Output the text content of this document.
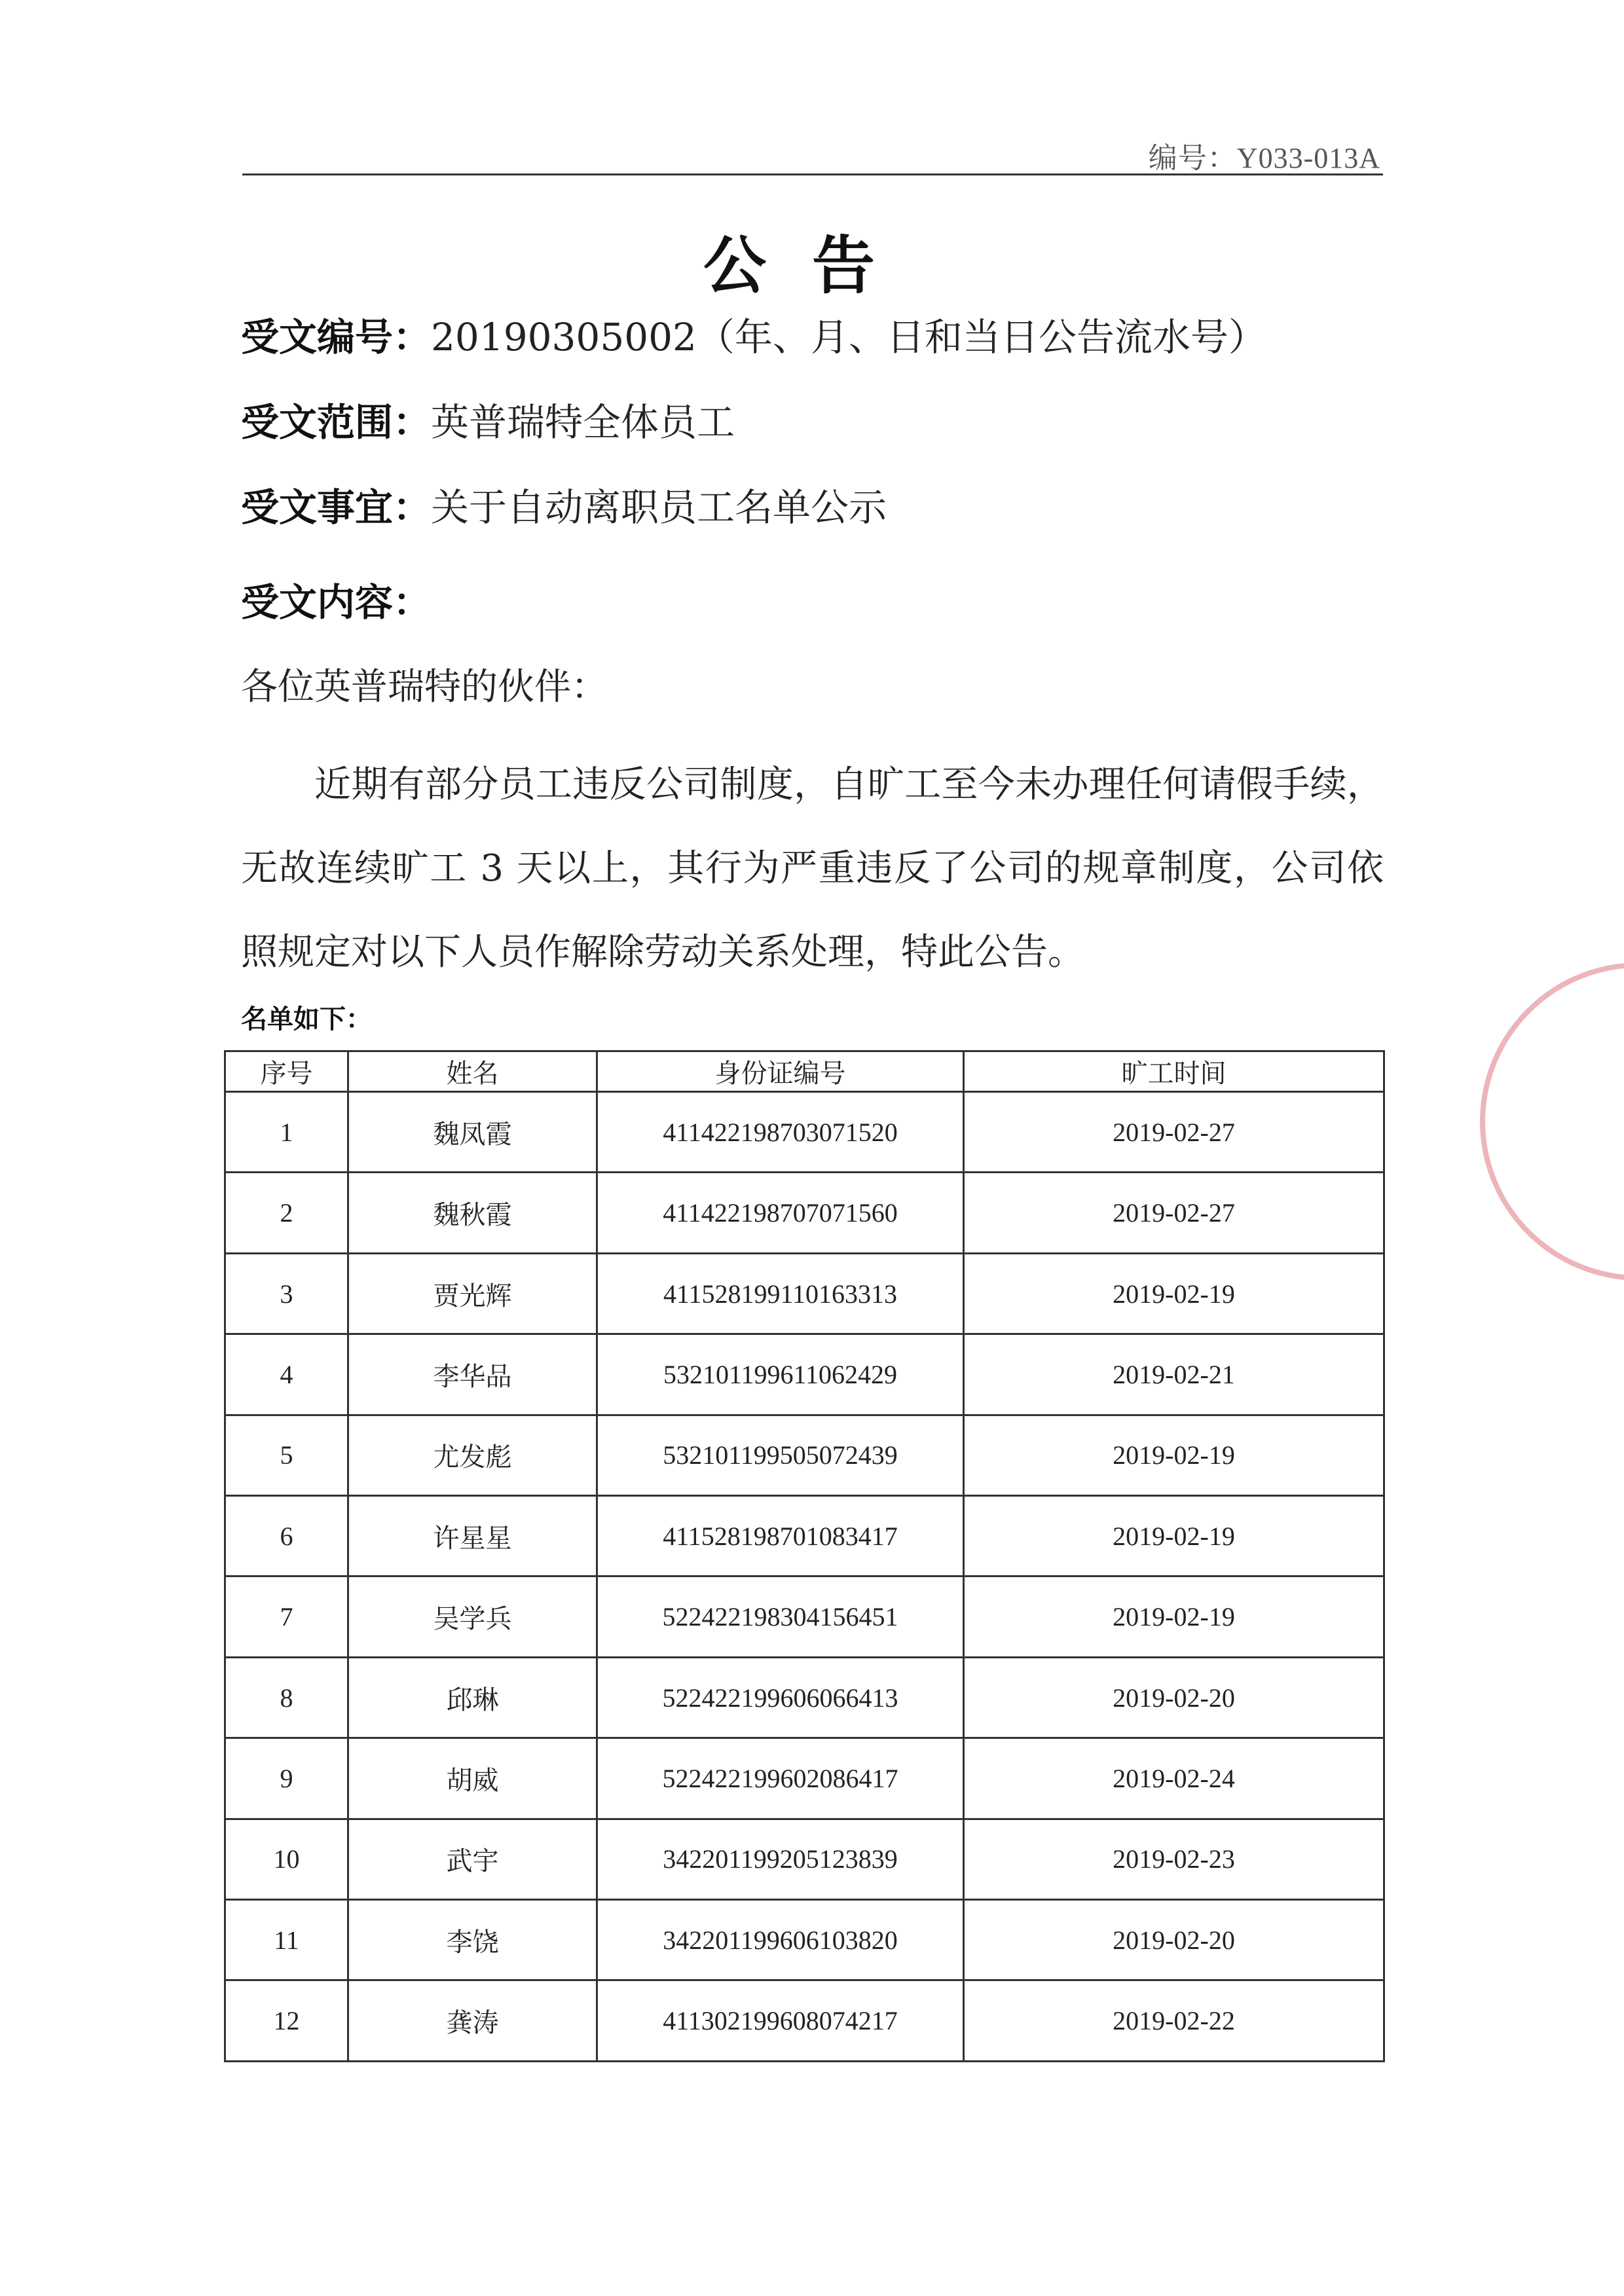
编号：Y033-013A
公告
受文编号：20190305002（年、月、日和当日公告流水号）
受文范围：英普瑞特全体员工
受文事宜：关于自动离职员工名单公示
受文内容：
各位英普瑞特的伙伴：
近期有部分员工违反公司制度，自旷工至今未办理任何请假手续，无故连续旷工 3 天以上，其行为严重违反了公司的规章制度，公司依照规定对以下人员作解除劳动关系处理，特此公告。
名单如下：
序号	姓名	身份证编号	旷工时间
1	魏凤霞	411422198703071520	2019-02-27
2	魏秋霞	411422198707071560	2019-02-27
3	贾光辉	411528199110163313	2019-02-19
4	李华品	532101199611062429	2019-02-21
5	尤发彪	532101199505072439	2019-02-19
6	许星星	411528198701083417	2019-02-19
7	吴学兵	522422198304156451	2019-02-19
8	邱琳	522422199606066413	2019-02-20
9	胡威	522422199602086417	2019-02-24
10	武宇	342201199205123839	2019-02-23
11	李饶	342201199606103820	2019-02-20
12	龚涛	411302199608074217	2019-02-22
